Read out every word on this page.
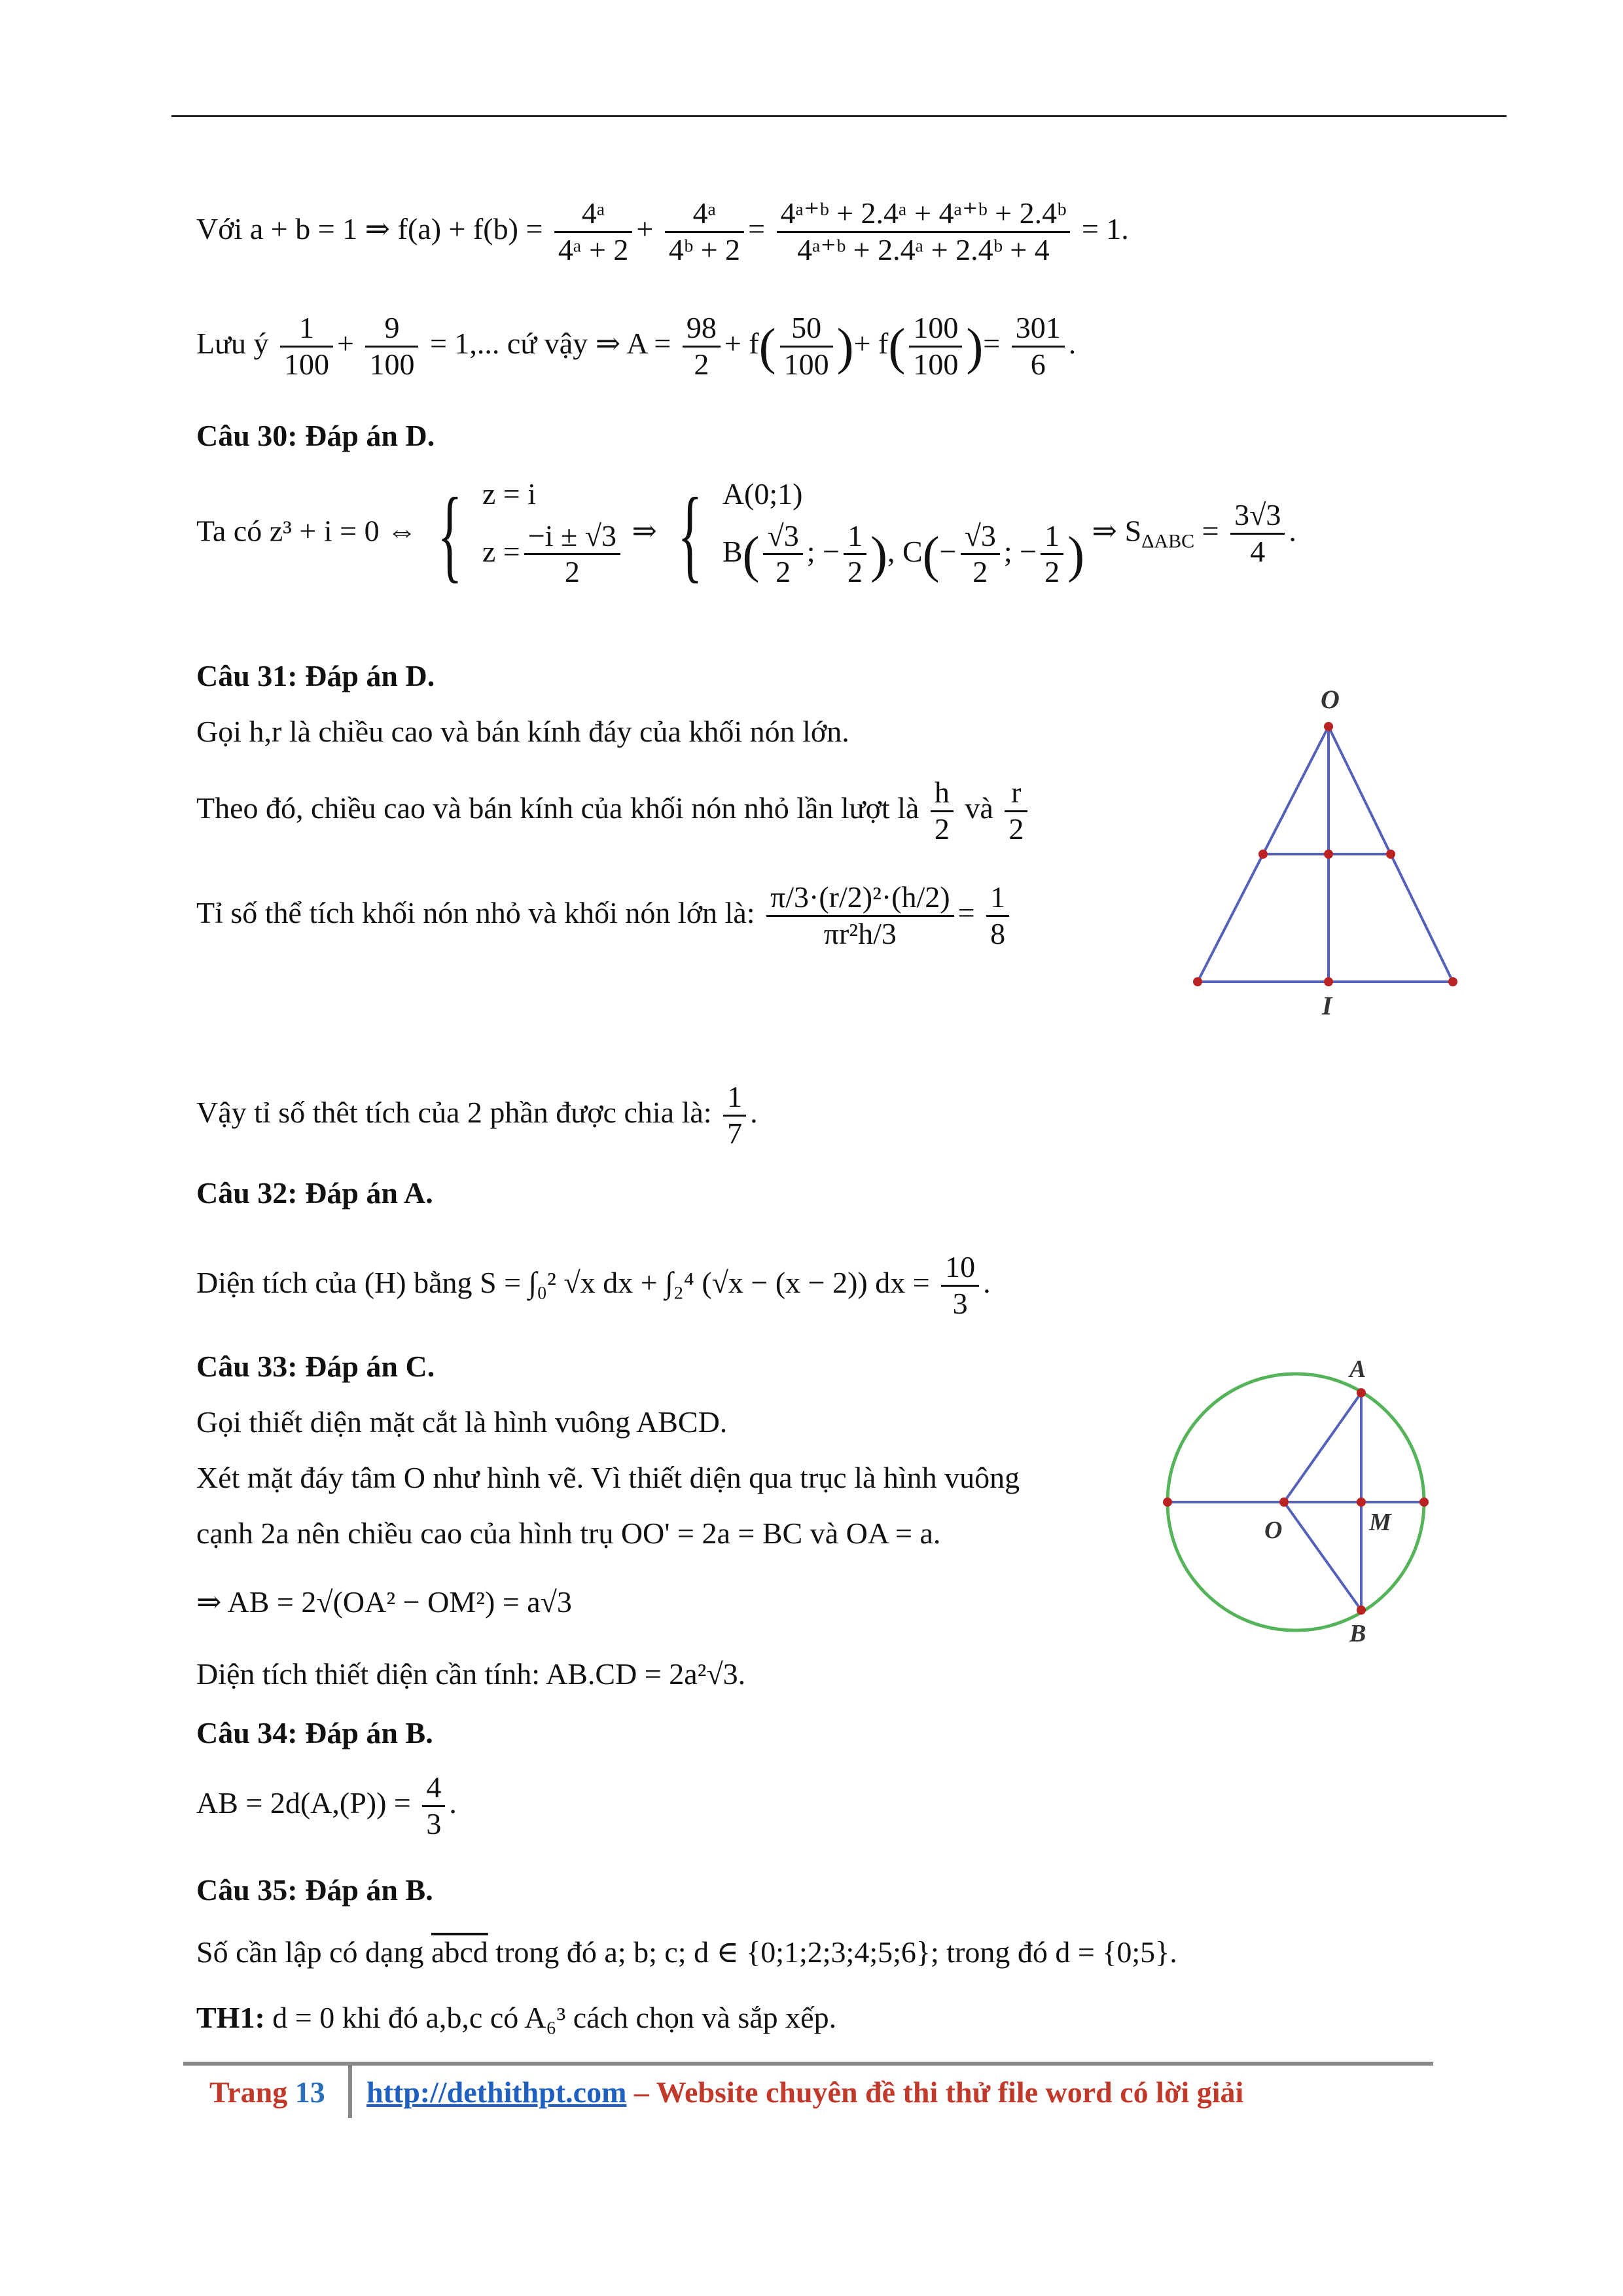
Với a + b = 1 ⇒ $f(a) + f(b) = \frac{\text{4ᵃ}}{\text{4ᵃ + 2}} + \frac{\text{4ᵃ}}{\text{4ᵇ + 2}} = \frac{\text{4ᵃ⁺ᵇ + 2.4ᵃ + 4ᵃ⁺ᵇ + 2.4ᵇ}}{\text{4ᵃ⁺ᵇ + 2.4ᵃ + 2.4ᵇ + 4}} = 1$.
Lưu ý $\frac{1}{100} + \frac{9}{100} = 1$,... cứ vậy ⇒ $A = \frac{98}{2} + f( \frac{50}{100}$ )+ $f( \frac{100}{100}$ )= $\frac{301}{6}$ .
Câu 30: Đáp án D.
Ta có z³ + i = 0 ⇔ { z = i
$z = \frac{-i \pm √3}{2}$ ⇒ { A(0;1)
$B( \frac{√3}{2}$ ; − $\frac{1}{2}$ ), $C(- \frac{√3}{2}$ ; − $\frac{1}{2}$ ) ⇒ $S_{\Delta ABC} = \frac{3√3}{4}$ .
Câu 31: Đáp án D.
Gọi h,r là chiều cao và bán kính đáy của khối nón lớn.
Theo đó, chiều cao và bán kính của khối nón nhỏ lần lượt là $\frac{h}{2}$ và $\frac{r}{2}$
Tỉ số thể tích khối nón nhỏ và khối nón lớn là: $\frac{\text{π/3·(r/2)²·(h/2)}}{\text{πr²h/3}} = \frac{1}{8}$
Vậy tỉ số thêt tích của 2 phần được chia là: $\frac{1}{7}$ .
O
I
Câu 32: Đáp án A.
Diện tích của (H) bằng S = ∫₀² √x dx + ∫₂⁴ (√x − (x − 2)) dx = $\frac{10}{3}$ .
Câu 33: Đáp án C.
Gọi thiết diện mặt cắt là hình vuông ABCD.
Xét mặt đáy tâm O như hình vẽ. Vì thiết diện qua trục là hình vuông
cạnh 2a nên chiều cao của hình trụ OO' = 2a = BC và OA = a.
⇒ AB = 2√(OA² − OM²) = a√3
Diện tích thiết diện cần tính: AB.CD = 2a²√3.
A
B
O	M
Câu 34: Đáp án B.
AB = $2d(A,(P)) = \frac{4}{3}$ .
Câu 35: Đáp án B.
Số cần lập có dạng abcd trong đó a; b; c; d ∈ {0;1;2;3;4;5;6}; trong đó d = {0;5}.
TH1: d = 0 khi đó a,b,c có A₆³ cách chọn và sắp xếp.
Trang 13 http://dethithpt.com – Website chuyên đề thi thử file word có lời giải
